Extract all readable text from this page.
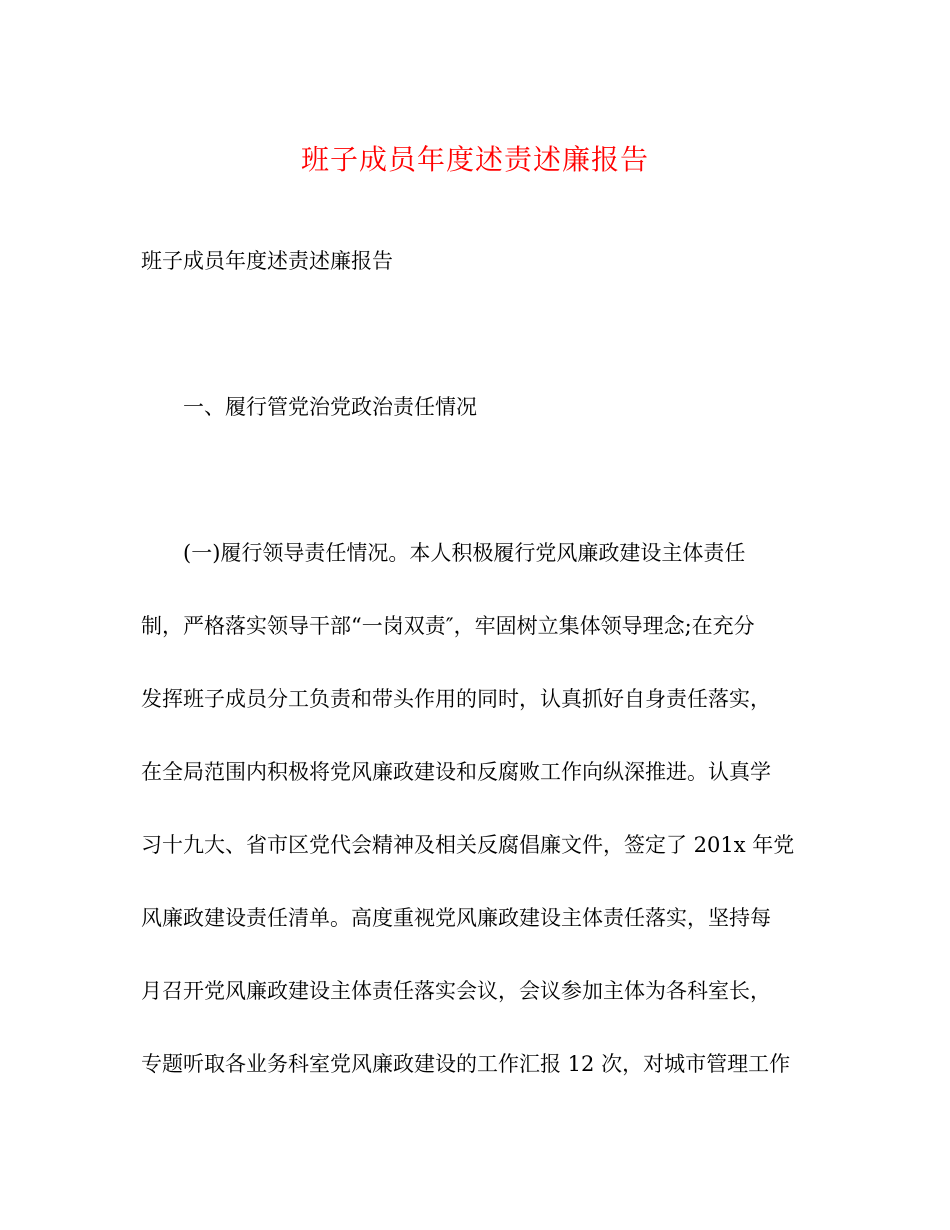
班子成员年度述责述廉报告

班子成员年度述责述廉报告

一、履行管党治党政治责任情况

(一)履行领导责任情况。本人积极履行党风廉政建设主体责任

制，严格落实领导干部“一岗双责″，牢固树立集体领导理念;在充分

发挥班子成员分工负责和带头作用的同时，认真抓好自身责任落实，

在全局范围内积极将党风廉政建设和反腐败工作向纵深推进。认真学

习十九大、省市区党代会精神及相关反腐倡廉文件，签定了 201x 年党

风廉政建设责任清单。高度重视党风廉政建设主体责任落实，坚持每

月召开党风廉政建设主体责任落实会议，会议参加主体为各科室长，

专题听取各业务科室党风廉政建设的工作汇报 12 次，对城市管理工作
